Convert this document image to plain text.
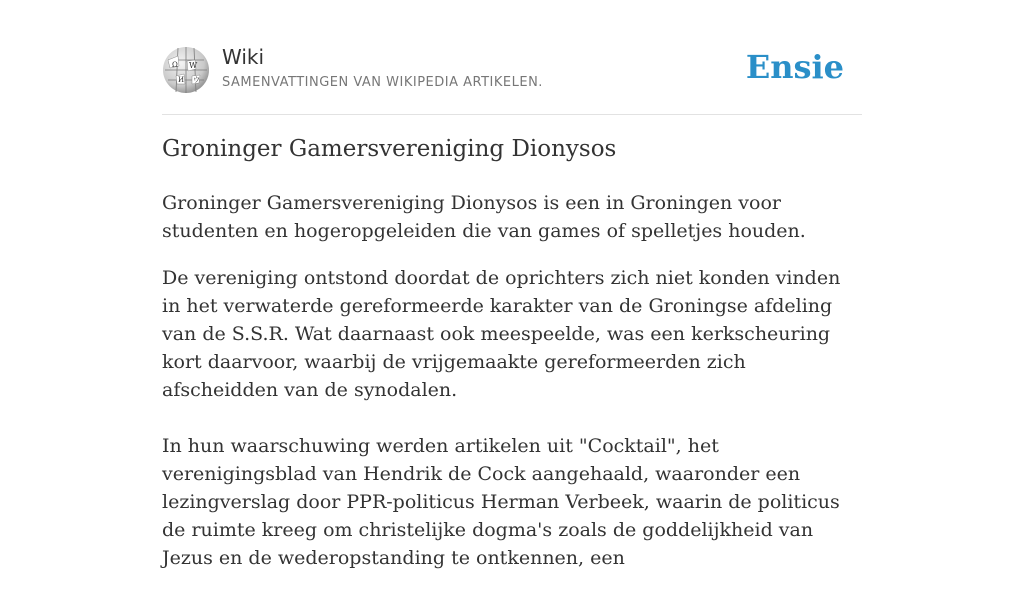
Ω W
И ウ
Wiki
SAMENVATTINGEN VAN WIKIPEDIA ARTIKELEN.	Ensie
Groninger Gamersvereniging Dionysos

Groninger Gamersvereniging Dionysos is een in Groningen voor studenten en hogeropgeleiden die van games of spelletjes houden.

De vereniging ontstond doordat de oprichters zich niet konden vinden in het verwaterde gereformeerde karakter van de Groningse afdeling van de S.S.R. Wat daarnaast ook meespeelde, was een kerkscheuring kort daarvoor, waarbij de vrijgemaakte gereformeerden zich afscheidden van de synodalen.

In hun waarschuwing werden artikelen uit "Cocktail", het verenigingsblad van Hendrik de Cock aangehaald, waaronder een lezingverslag door PPR-politicus Herman Verbeek, waarin de politicus de ruimte kreeg om christelijke dogma's zoals de goddelijkheid van Jezus en de wederopstanding te ontkennen, een
